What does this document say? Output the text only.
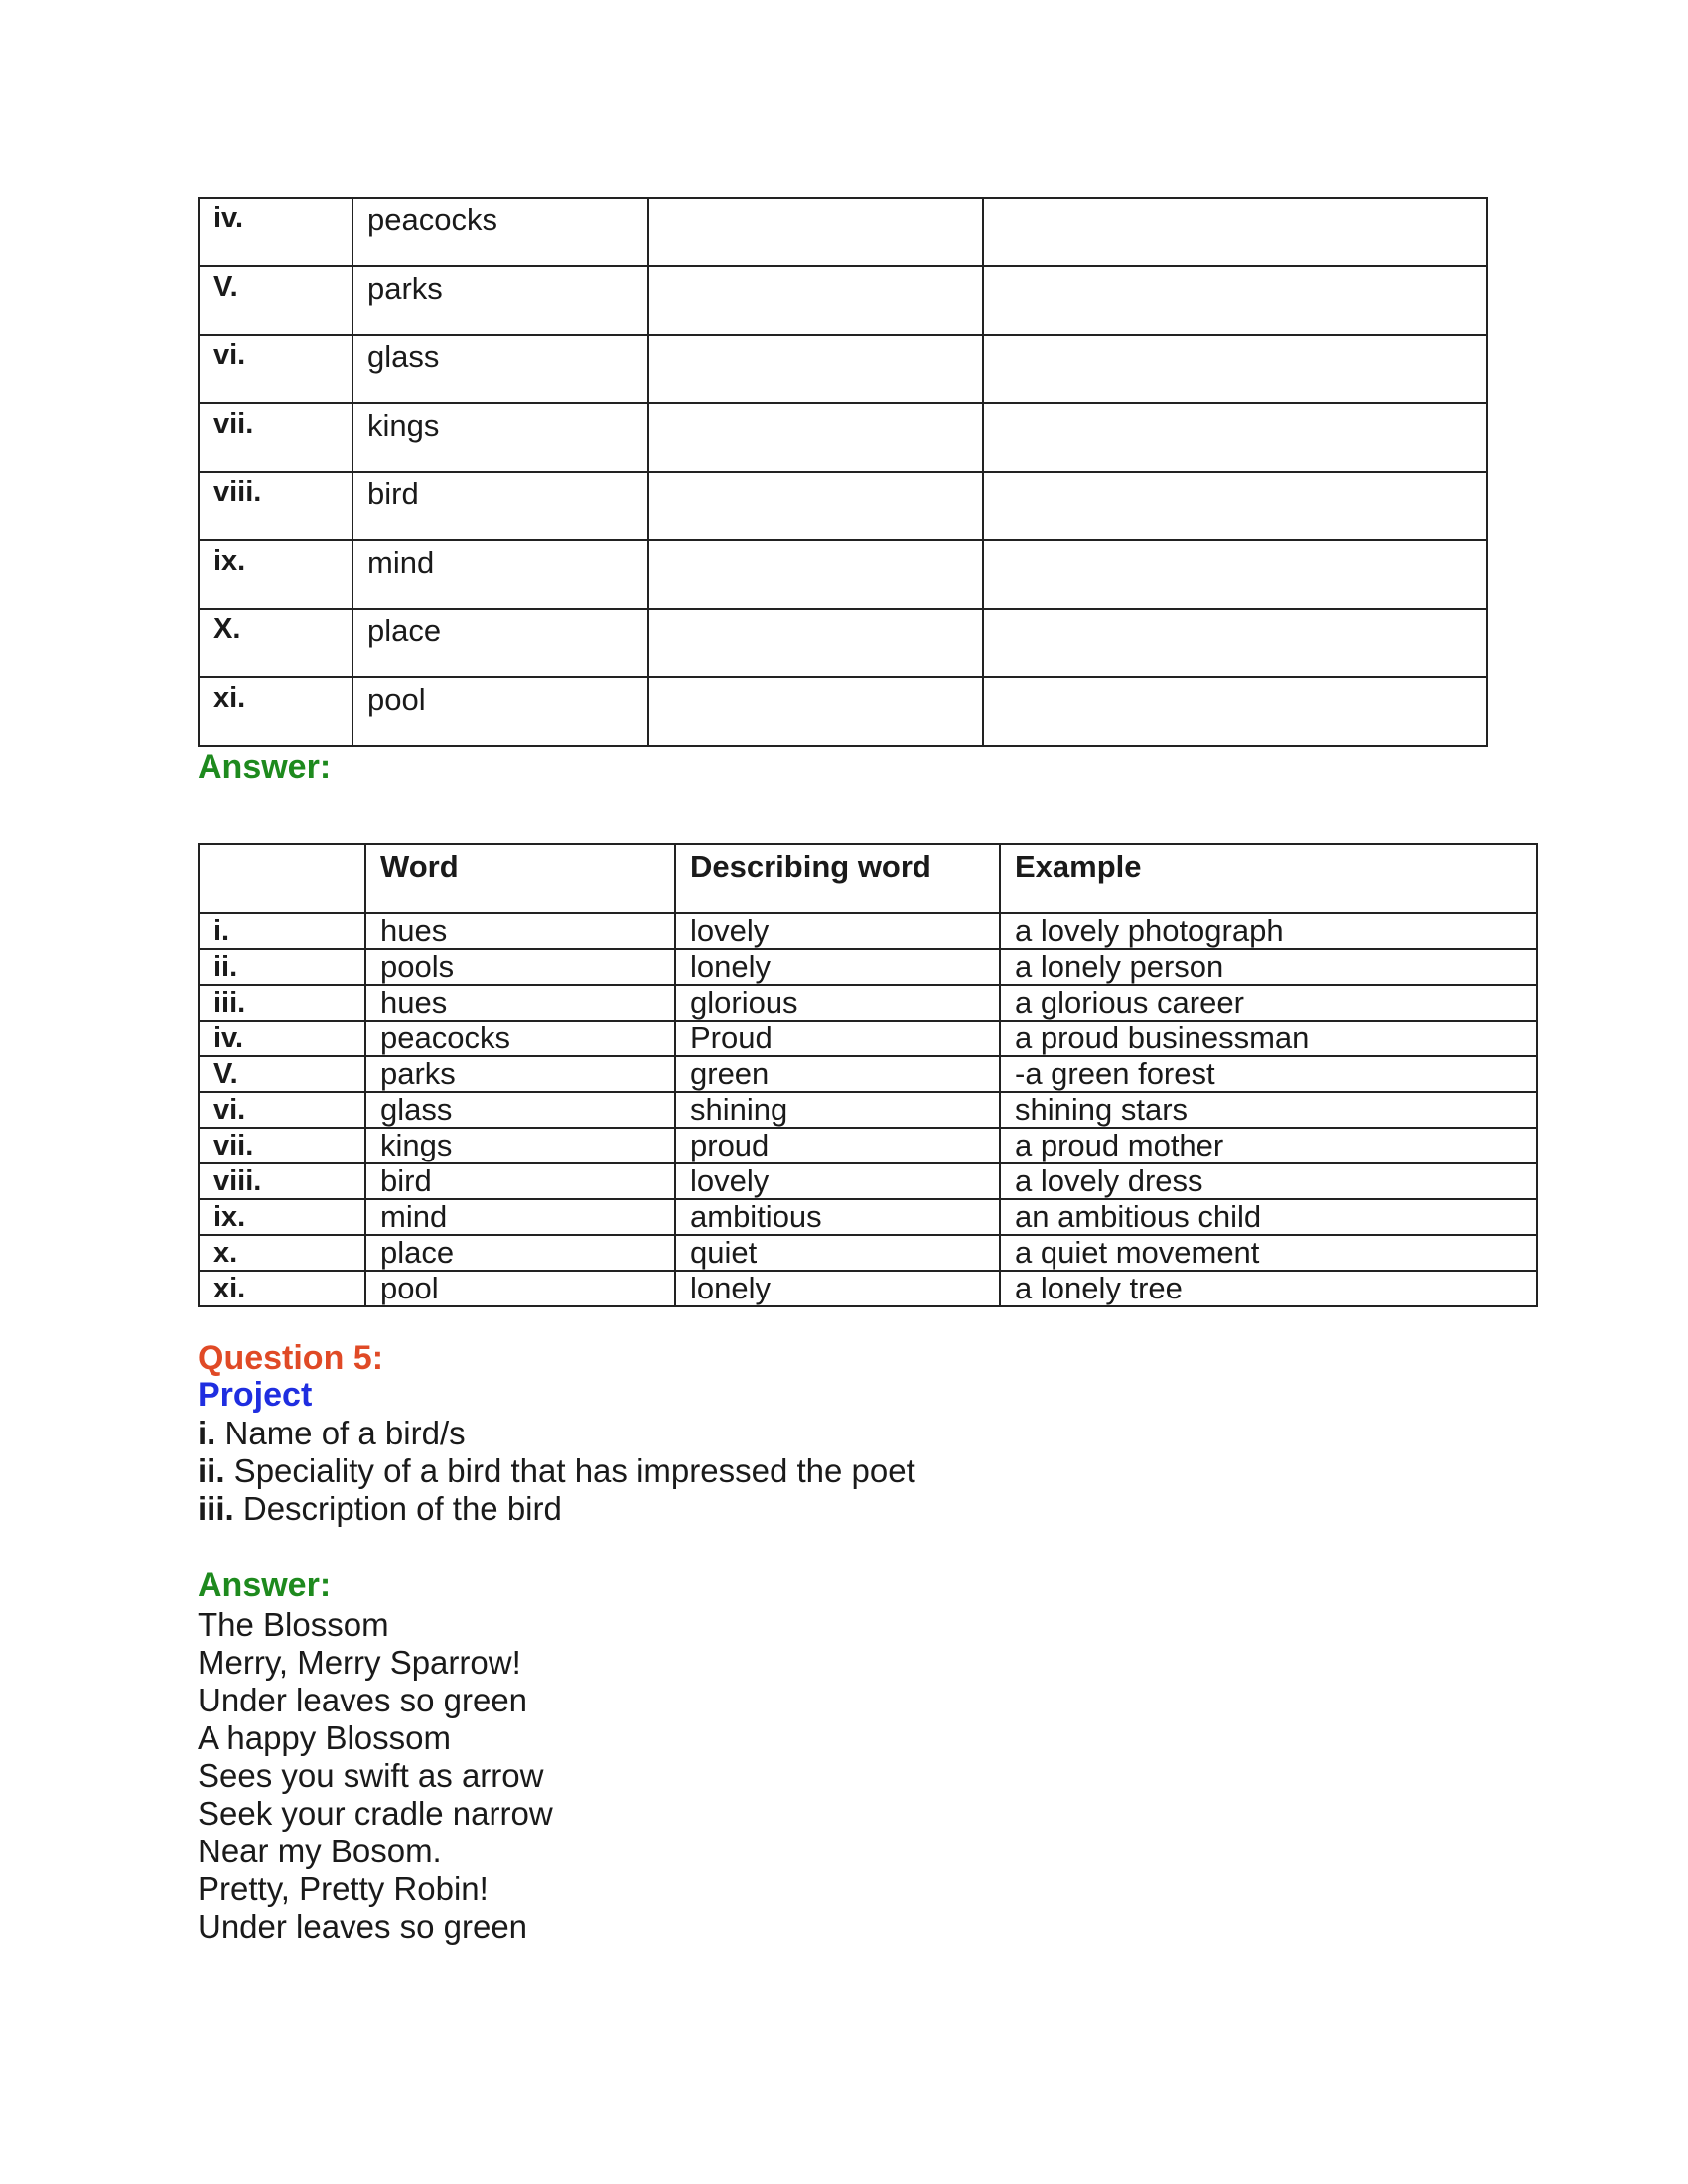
iv.	peacocks		
V.	parks		
vi.	glass		
vii.	kings		
viii.	bird		
ix.	mind		
X.	place		
xi.	pool		
Answer:
	Word	Describing word	Example
i.	hues	lovely	a lovely photograph
ii.	pools	lonely	a lonely person
iii.	hues	glorious	a glorious career
iv.	peacocks	Proud	a proud businessman
V.	parks	green	-a green forest
vi.	glass	shining	shining stars
vii.	kings	proud	a proud mother
viii.	bird	lovely	a lovely dress
ix.	mind	ambitious	an ambitious child
x.	place	quiet	a quiet movement
xi.	pool	lonely	a lonely tree
Question 5:
Project
i. Name of a bird/s
ii. Speciality of a bird that has impressed the poet
iii. Description of the bird
Answer:
The Blossom
Merry, Merry Sparrow!
Under leaves so green
A happy Blossom
Sees you swift as arrow
Seek your cradle narrow
Near my Bosom.
Pretty, Pretty Robin!
Under leaves so green
